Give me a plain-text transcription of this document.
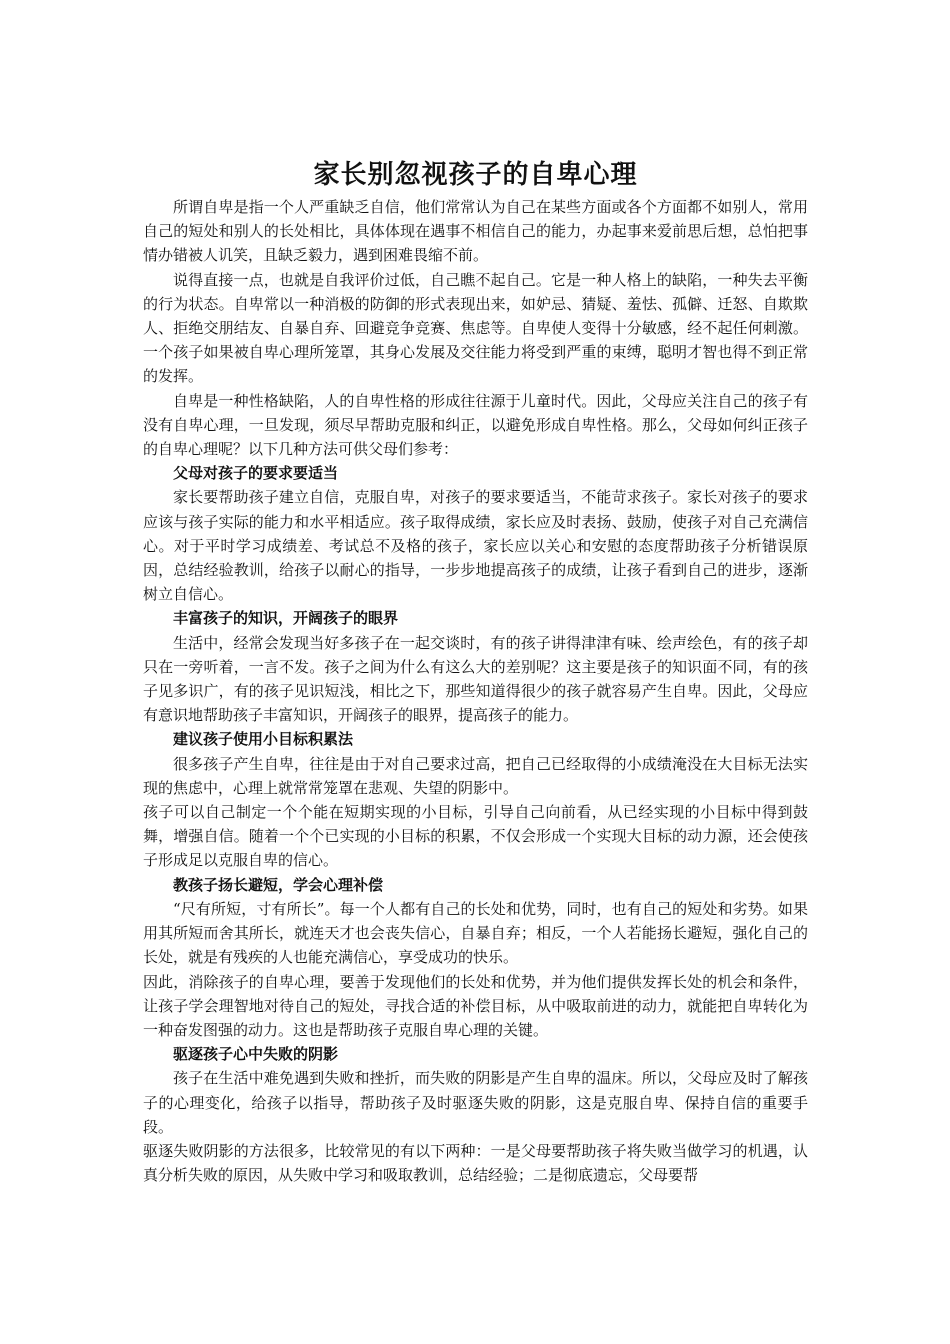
家长别忽视孩子的自卑心理

所谓自卑是指一个人严重缺乏自信，他们常常认为自己在某些方面或各个方面都不如别人，常用自己的短处和别人的长处相比，具体体现在遇事不相信自己的能力，办起事来爱前思后想，总怕把事情办错被人讥笑，且缺乏毅力，遇到困难畏缩不前。

说得直接一点，也就是自我评价过低，自己瞧不起自己。它是一种人格上的缺陷，一种失去平衡的行为状态。自卑常以一种消极的防御的形式表现出来，如妒忌、猜疑、羞怯、孤僻、迁怒、自欺欺人、拒绝交朋结友、自暴自弃、回避竞争竞赛、焦虑等。自卑使人变得十分敏感，经不起任何刺激。一个孩子如果被自卑心理所笼罩，其身心发展及交往能力将受到严重的束缚，聪明才智也得不到正常的发挥。

自卑是一种性格缺陷，人的自卑性格的形成往往源于儿童时代。因此，父母应关注自己的孩子有没有自卑心理，一旦发现，须尽早帮助克服和纠正，以避免形成自卑性格。那么，父母如何纠正孩子的自卑心理呢？以下几种方法可供父母们参考：

父母对孩子的要求要适当

家长要帮助孩子建立自信，克服自卑，对孩子的要求要适当，不能苛求孩子。家长对孩子的要求应该与孩子实际的能力和水平相适应。孩子取得成绩，家长应及时表扬、鼓励，使孩子对自己充满信心。对于平时学习成绩差、考试总不及格的孩子，家长应以关心和安慰的态度帮助孩子分析错误原因，总结经验教训，给孩子以耐心的指导，一步步地提高孩子的成绩，让孩子看到自己的进步，逐渐树立自信心。

丰富孩子的知识，开阔孩子的眼界

生活中，经常会发现当好多孩子在一起交谈时，有的孩子讲得津津有味、绘声绘色，有的孩子却只在一旁听着，一言不发。孩子之间为什么有这么大的差别呢？这主要是孩子的知识面不同，有的孩子见多识广，有的孩子见识短浅，相比之下，那些知道得很少的孩子就容易产生自卑。因此，父母应有意识地帮助孩子丰富知识，开阔孩子的眼界，提高孩子的能力。

建议孩子使用小目标积累法

很多孩子产生自卑，往往是由于对自己要求过高，把自己已经取得的小成绩淹没在大目标无法实现的焦虑中，心理上就常常笼罩在悲观、失望的阴影中。

孩子可以自己制定一个个能在短期实现的小目标，引导自己向前看，从已经实现的小目标中得到鼓舞，增强自信。随着一个个已实现的小目标的积累，不仅会形成一个实现大目标的动力源，还会使孩子形成足以克服自卑的信心。

教孩子扬长避短，学会心理补偿

“尺有所短，寸有所长”。每一个人都有自己的长处和优势，同时，也有自己的短处和劣势。如果用其所短而舍其所长，就连天才也会丧失信心，自暴自弃；相反，一个人若能扬长避短，强化自己的长处，就是有残疾的人也能充满信心，享受成功的快乐。

因此，消除孩子的自卑心理，要善于发现他们的长处和优势，并为他们提供发挥长处的机会和条件，让孩子学会理智地对待自己的短处，寻找合适的补偿目标，从中吸取前进的动力，就能把自卑转化为一种奋发图强的动力。这也是帮助孩子克服自卑心理的关键。

驱逐孩子心中失败的阴影

孩子在生活中难免遇到失败和挫折，而失败的阴影是产生自卑的温床。所以，父母应及时了解孩子的心理变化，给孩子以指导，帮助孩子及时驱逐失败的阴影，这是克服自卑、保持自信的重要手段。

驱逐失败阴影的方法很多，比较常见的有以下两种：一是父母要帮助孩子将失败当做学习的机遇，认真分析失败的原因，从失败中学习和吸取教训，总结经验；二是彻底遗忘，父母要帮
